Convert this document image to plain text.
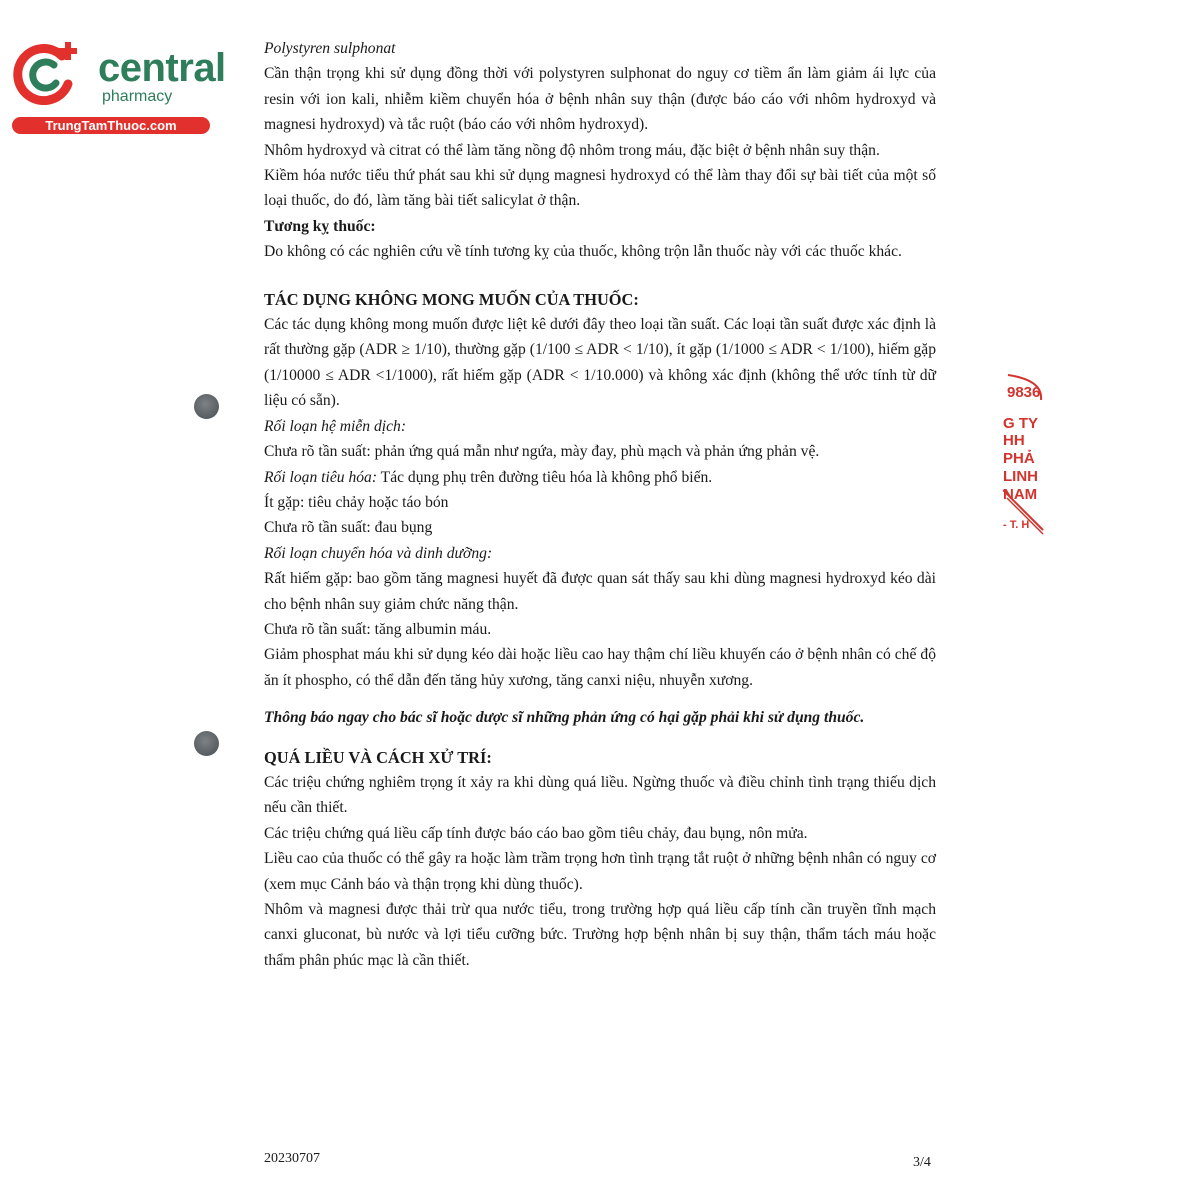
central
pharmacy
TrungTamThuoc.com
9836
G TY
HH
PHẢ
LINH
NAM
- T. H

Polystyren sulphonat

Cần thận trọng khi sử dụng đồng thời với polystyren sulphonat do nguy cơ tiềm ẩn làm giảm ái lực của resin với ion kali, nhiễm kiềm chuyển hóa ở bệnh nhân suy thận (được báo cáo với nhôm hydroxyd và magnesi hydroxyd) và tắc ruột (báo cáo với nhôm hydroxyd).

Nhôm hydroxyd và citrat có thể làm tăng nồng độ nhôm trong máu, đặc biệt ở bệnh nhân suy thận.

Kiềm hóa nước tiểu thứ phát sau khi sử dụng magnesi hydroxyd có thể làm thay đổi sự bài tiết của một số loại thuốc, do đó, làm tăng bài tiết salicylat ở thận.

Tương kỵ thuốc:

Do không có các nghiên cứu về tính tương kỵ của thuốc, không trộn lẫn thuốc này với các thuốc khác.

TÁC DỤNG KHÔNG MONG MUỐN CỦA THUỐC:

Các tác dụng không mong muốn được liệt kê dưới đây theo loại tần suất. Các loại tần suất được xác định là rất thường gặp (ADR ≥ 1/10), thường gặp (1/100 ≤ ADR < 1/10), ít gặp (1/1000 ≤ ADR < 1/100), hiếm gặp (1/10000 ≤ ADR <1/1000), rất hiếm gặp (ADR < 1/10.000) và không xác định (không thể ước tính từ dữ liệu có sẵn).

Rối loạn hệ miễn dịch:

Chưa rõ tần suất: phản ứng quá mẫn như ngứa, mày đay, phù mạch và phản ứng phản vệ.

Rối loạn tiêu hóa: Tác dụng phụ trên đường tiêu hóa là không phổ biến.

Ít gặp: tiêu chảy hoặc táo bón

Chưa rõ tần suất: đau bụng

Rối loạn chuyển hóa và dinh dưỡng:

Rất hiếm gặp: bao gồm tăng magnesi huyết đã được quan sát thấy sau khi dùng magnesi hydroxyd kéo dài cho bệnh nhân suy giảm chức năng thận.

Chưa rõ tần suất: tăng albumin máu.

Giảm phosphat máu khi sử dụng kéo dài hoặc liều cao hay thậm chí liều khuyến cáo ở bệnh nhân có chế độ ăn ít phospho, có thể dẫn đến tăng hủy xương, tăng canxi niệu, nhuyễn xương.

Thông báo ngay cho bác sĩ hoặc dược sĩ những phản ứng có hại gặp phải khi sử dụng thuốc.

QUÁ LIỀU VÀ CÁCH XỬ TRÍ:

Các triệu chứng nghiêm trọng ít xảy ra khi dùng quá liều. Ngừng thuốc và điều chỉnh tình trạng thiếu dịch nếu cần thiết.

Các triệu chứng quá liều cấp tính được báo cáo bao gồm tiêu chảy, đau bụng, nôn mửa.

Liều cao của thuốc có thể gây ra hoặc làm trầm trọng hơn tình trạng tắt ruột ở những bệnh nhân có nguy cơ (xem mục Cảnh báo và thận trọng khi dùng thuốc).

Nhôm và magnesi được thải trừ qua nước tiểu, trong trường hợp quá liều cấp tính cần truyền tĩnh mạch canxi gluconat, bù nước và lợi tiểu cưỡng bức. Trường hợp bệnh nhân bị suy thận, thẩm tách máu hoặc thẩm phân phúc mạc là cần thiết.

20230707	3/4
